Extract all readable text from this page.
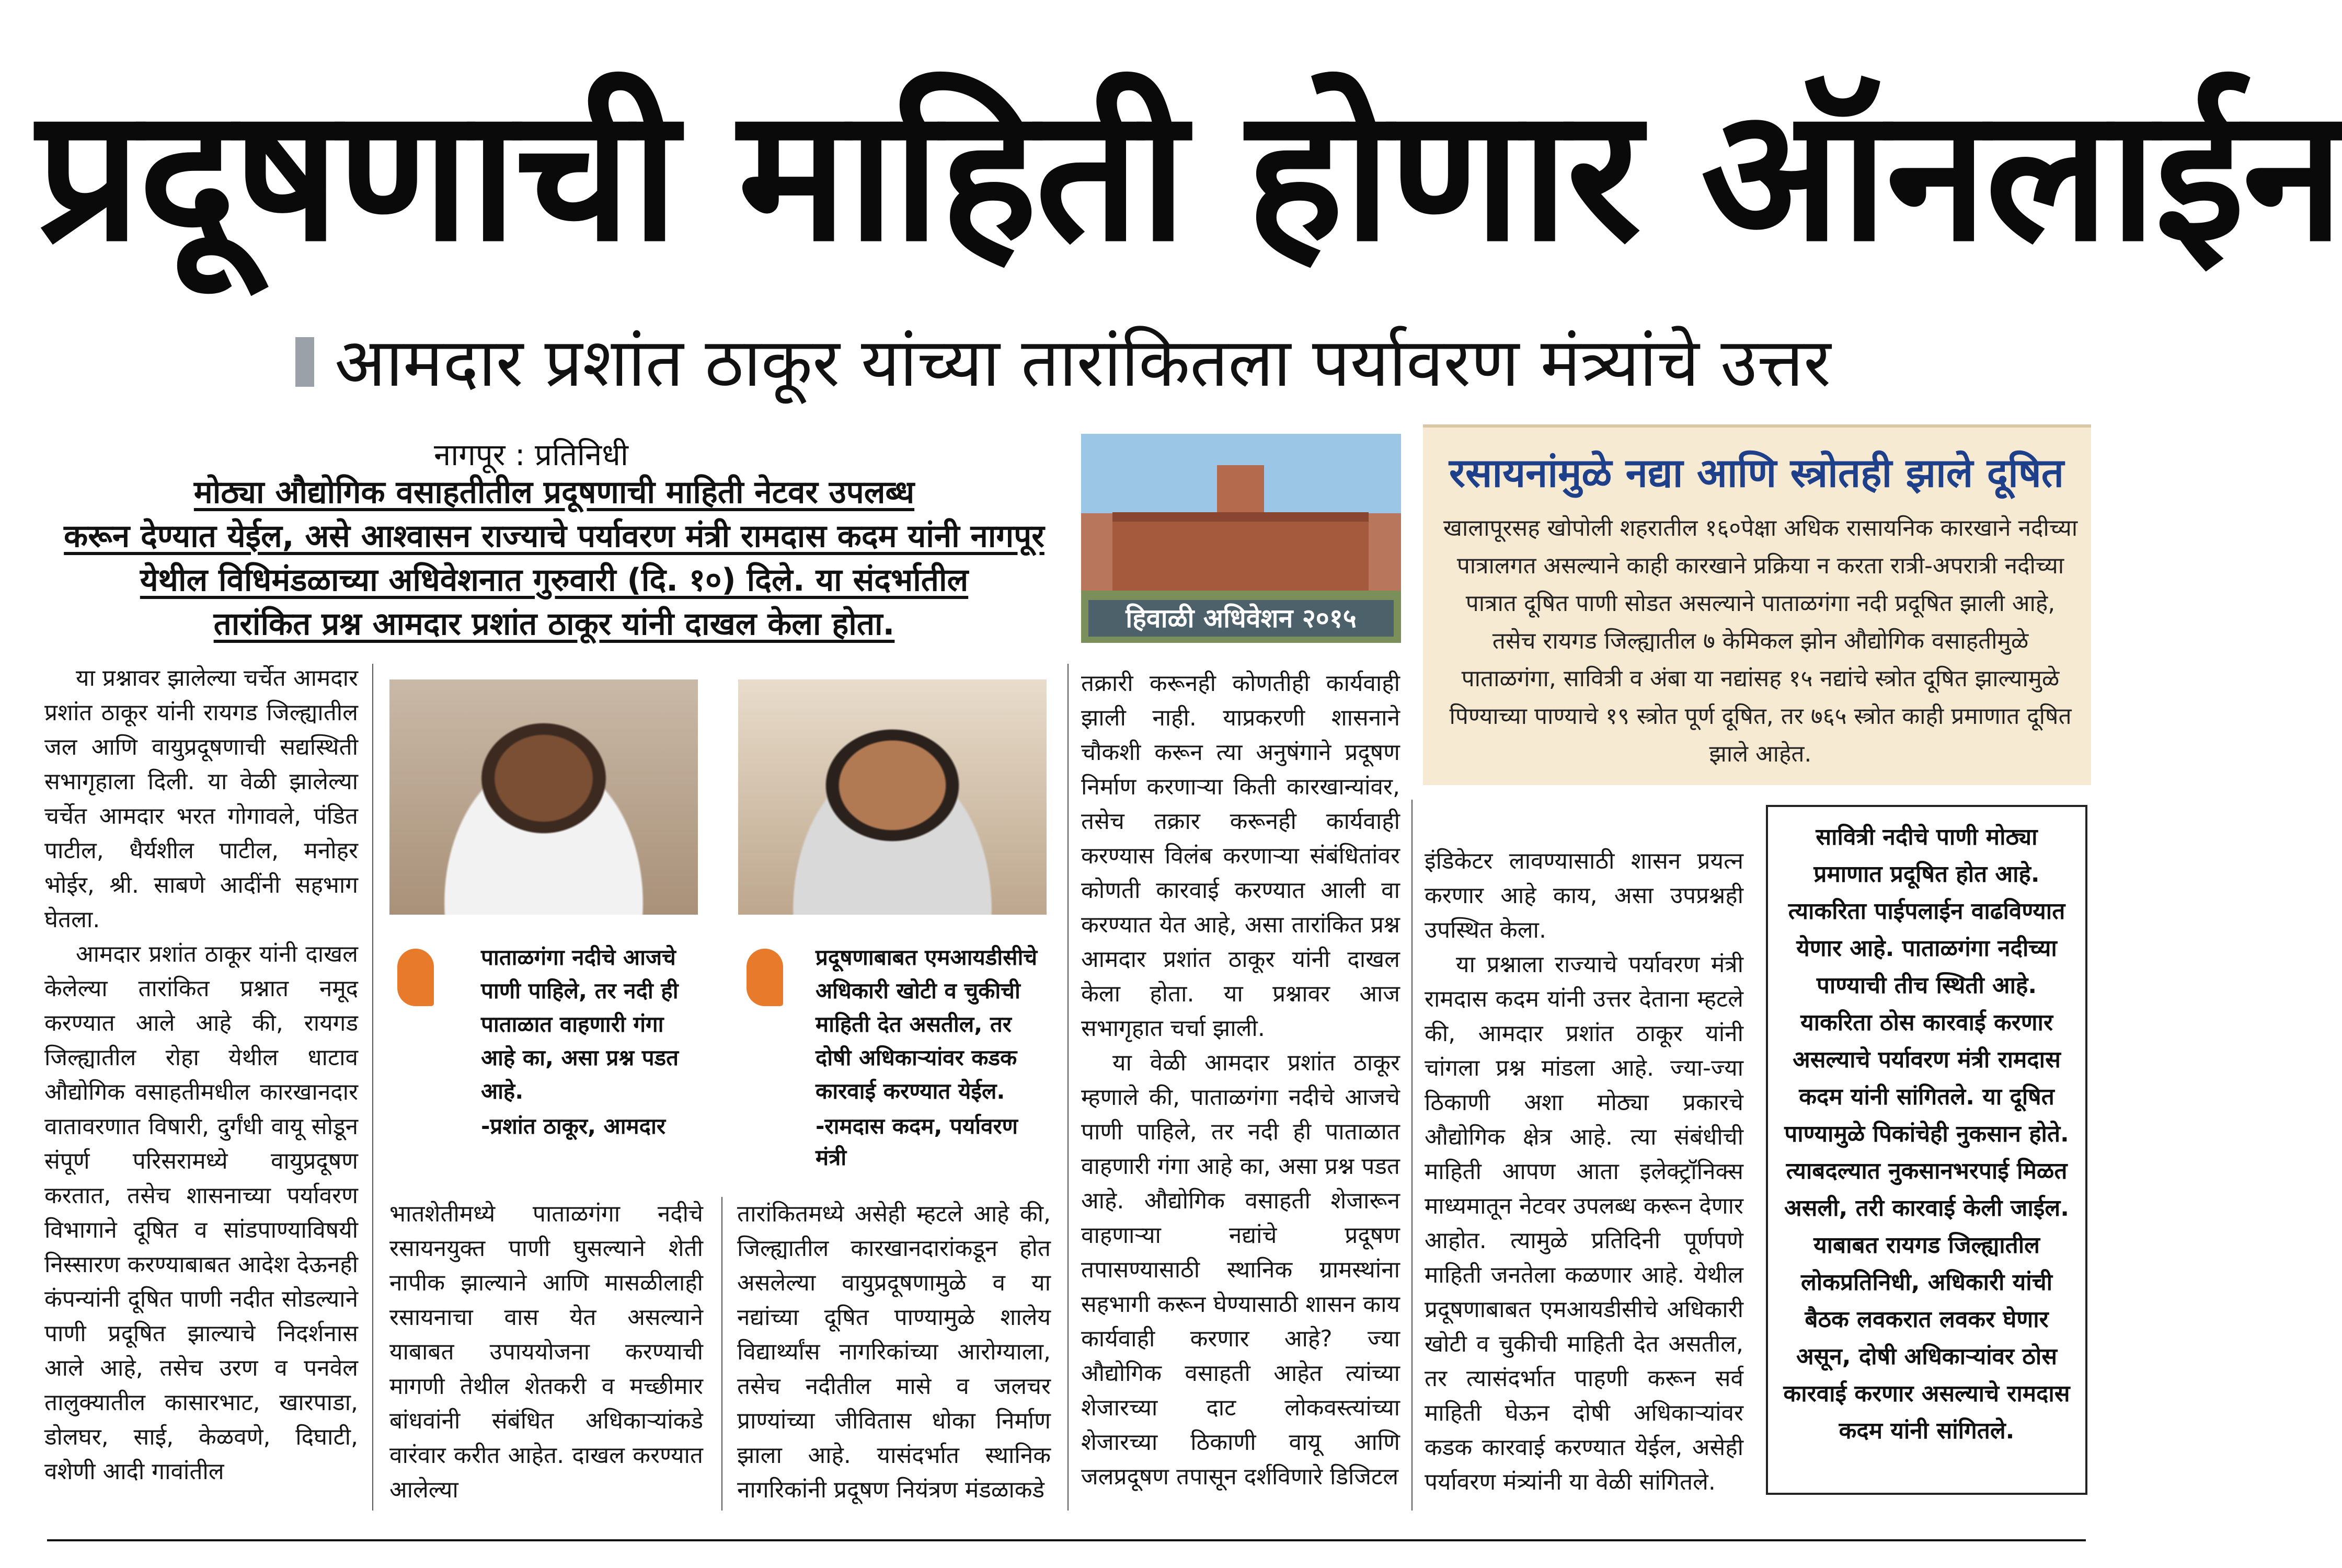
प्रदूषणाची माहिती होणार ऑनलाईन
आमदार प्रशांत ठाकूर यांच्या तारांकितला पर्यावरण मंत्र्यांचे उत्तर
नागपूर : प्रतिनिधी
मोठ्या औद्योगिक वसाहतीतील प्रदूषणाची माहिती नेटवर उपलब्ध
करून देण्यात येईल, असे आश्वासन राज्याचे पर्यावरण मंत्री रामदास कदम यांनी नागपूर
येथील विधिमंडळाच्या अधिवेशनात गुरुवारी (दि. १०) दिले. या संदर्भातील
तारांकित प्रश्न आमदार प्रशांत ठाकूर यांनी दाखल केला होता.

या प्रश्नावर झालेल्या चर्चेत आमदार प्रशांत ठाकूर यांनी रायगड जिल्ह्यातील जल आणि वायुप्रदूषणाची सद्यस्थिती सभागृहाला दिली. या वेळी झालेल्या चर्चेत आमदार भरत गोगावले, पंडित पाटील, धैर्यशील पाटील, मनोहर भोईर, श्री. साबणे आदींनी सहभाग घेतला.

आमदार प्रशांत ठाकूर यांनी दाखल केलेल्या तारांकित प्रश्नात नमूद करण्यात आले आहे की, रायगड जिल्ह्यातील रोहा येथील धाटाव औद्योगिक वसाहतीमधील कारखानदार वातावरणात विषारी, दुर्गंधी वायू सोडून संपूर्ण परिसरामध्ये वायुप्रदूषण करतात, तसेच शासनाच्या पर्यावरण विभागाने दूषित व सांडपाण्याविषयी निस्सारण करण्याबाबत आदेश देऊनही कंपन्यांनी दूषित पाणी नदीत सोडल्याने पाणी प्रदूषित झाल्याचे निदर्शनास आले आहे, तसेच उरण व पनवेल तालुक्यातील कासारभाट, खारपाडा, डोलघर, साई, केळवणे, दिघाटी, वशेणी आदी गावांतील

पाताळगंगा नदीचे आजचे पाणी पाहिले, तर नदी ही पाताळात वाहणारी गंगा आहे का, असा प्रश्न पडत आहे.
-प्रशांत ठाकूर, आमदार
प्रदूषणाबाबत एमआयडीसीचे अधिकारी खोटी व चुकीची माहिती देत असतील, तर दोषी अधिकाऱ्यांवर कडक कारवाई करण्यात येईल.
-रामदास कदम, पर्यावरण मंत्री
भातशेतीमध्ये पाताळगंगा नदीचे रसायनयुक्त पाणी घुसल्याने शेती नापीक झाल्याने आणि मासळीलाही रसायनाचा वास येत असल्याने याबाबत उपाययोजना करण्याची मागणी तेथील शेतकरी व मच्छीमार बांधवांनी संबंधित अधिकाऱ्यांकडे वारंवार करीत आहेत. दाखल करण्यात आलेल्या
तारांकितमध्ये असेही म्हटले आहे की, जिल्ह्यातील कारखानदारांकडून होत असलेल्या वायुप्रदूषणामुळे व या नद्यांच्या दूषित पाण्यामुळे शालेय विद्यार्थ्यांस नागरिकांच्या आरोग्याला, तसेच नदीतील मासे व जलचर प्राण्यांच्या जीवितास धोका निर्माण झाला आहे. यासंदर्भात स्थानिक नागरिकांनी प्रदूषण नियंत्रण मंडळाकडे
हिवाळी अधिवेशन २०१५

तक्रारी करूनही कोणतीही कार्यवाही झाली नाही. याप्रकरणी शासनाने चौकशी करून त्या अनुषंगाने प्रदूषण निर्माण करणाऱ्या किती कारखान्यांवर, तसेच तक्रार करूनही कार्यवाही करण्यास विलंब करणाऱ्या संबंधितांवर कोणती कारवाई करण्यात आली वा करण्यात येत आहे, असा तारांकित प्रश्न आमदार प्रशांत ठाकूर यांनी दाखल केला होता. या प्रश्नावर आज सभागृहात चर्चा झाली.

या वेळी आमदार प्रशांत ठाकूर म्हणाले की, पाताळगंगा नदीचे आजचे पाणी पाहिले, तर नदी ही पाताळात वाहणारी गंगा आहे का, असा प्रश्न पडत आहे. औद्योगिक वसाहती शेजारून वाहणाऱ्या नद्यांचे प्रदूषण तपासण्यासाठी स्थानिक ग्रामस्थांना सहभागी करून घेण्यासाठी शासन काय कार्यवाही करणार आहे? ज्या औद्योगिक वसाहती आहेत त्यांच्या शेजारच्या दाट लोकवस्त्यांच्या शेजारच्या ठिकाणी वायू आणि जलप्रदूषण तपासून दर्शविणारे डिजिटल

रसायनांमुळे नद्या आणि स्त्रोतही झाले दूषित
खालापूरसह खोपोली शहरातील १६०पेक्षा अधिक रासायनिक कारखाने नदीच्या पात्रालगत असल्याने काही कारखाने प्रक्रिया न करता रात्री-अपरात्री नदीच्या पात्रात दूषित पाणी सोडत असल्याने पाताळगंगा नदी प्रदूषित झाली आहे, तसेच रायगड जिल्ह्यातील ७ केमिकल झोन औद्योगिक वसाहतीमुळे पाताळगंगा, सावित्री व अंबा या नद्यांसह १५ नद्यांचे स्त्रोत दूषित झाल्यामुळे पिण्याच्या पाण्याचे १९ स्त्रोत पूर्ण दूषित, तर ७६५ स्त्रोत काही प्रमाणात दूषित झाले आहेत.

इंडिकेटर लावण्यासाठी शासन प्रयत्न करणार आहे काय, असा उपप्रश्नही उपस्थित केला.

या प्रश्नाला राज्याचे पर्यावरण मंत्री रामदास कदम यांनी उत्तर देताना म्हटले की, आमदार प्रशांत ठाकूर यांनी चांगला प्रश्न मांडला आहे. ज्या-ज्या ठिकाणी अशा मोठ्या प्रकारचे औद्योगिक क्षेत्र आहे. त्या संबंधीची माहिती आपण आता इलेक्ट्रॉनिक्स माध्यमातून नेटवर उपलब्ध करून देणार आहोत. त्यामुळे प्रतिदिनी पूर्णपणे माहिती जनतेला कळणार आहे. येथील प्रदूषणाबाबत एमआयडीसीचे अधिकारी खोटी व चुकीची माहिती देत असतील, तर त्यासंदर्भात पाहणी करून सर्व माहिती घेऊन दोषी अधिकाऱ्यांवर कडक कारवाई करण्यात येईल, असेही पर्यावरण मंत्र्यांनी या वेळी सांगितले.

सावित्री नदीचे पाणी मोठ्या प्रमाणात प्रदूषित होत आहे. त्याकरिता पाईपलाईन वाढविण्यात येणार आहे. पाताळगंगा नदीच्या पाण्याची तीच स्थिती आहे. याकरिता ठोस कारवाई करणार असल्याचे पर्यावरण मंत्री रामदास कदम यांनी सांगितले. या दूषित पाण्यामुळे पिकांचेही नुकसान होते. त्याबदल्यात नुकसानभरपाई मिळत असली, तरी कारवाई केली जाईल. याबाबत रायगड जिल्ह्यातील लोकप्रतिनिधी, अधिकारी यांची बैठक लवकरात लवकर घेणार असून, दोषी अधिकाऱ्यांवर ठोस कारवाई करणार असल्याचे रामदास कदम यांनी सांगितले.
